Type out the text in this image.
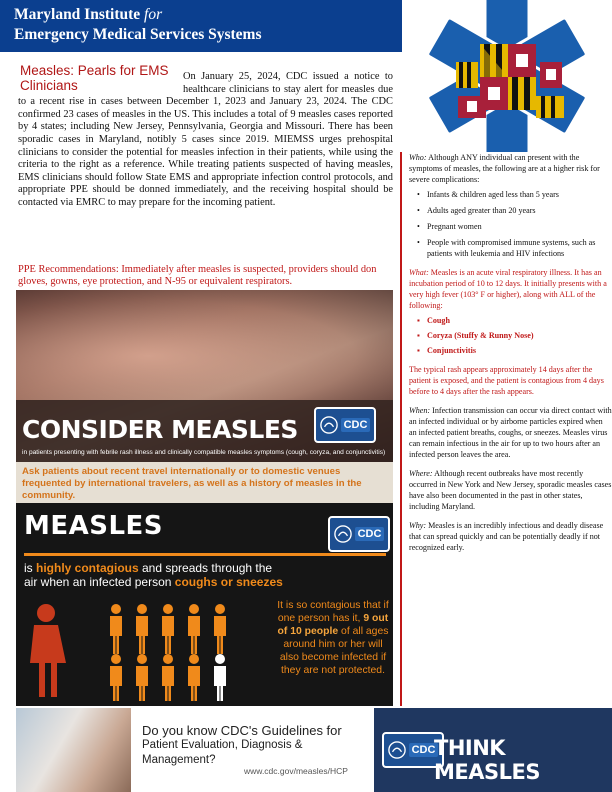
Maryland Institute for
Emergency Medical Services Systems
Measles: Pearls for EMS Clinicians
On January 25, 2024, CDC issued a notice to healthcare clinicians to stay alert for measles due to a recent rise in cases between December 1, 2023 and January 23, 2024. The CDC confirmed 23 cases of measles in the US. This includes a total of 9 measles cases reported by 4 states; including New Jersey, Pennsylvania, Georgia and Missouri. There has been sporadic cases in Maryland, notibly 5 cases since 2019. MIEMSS urges prehospital clinicians to consider the potential for measles infection in their patients, while using the criteria to the right as a reference. While treating patients suspected of having measles, EMS clinicians should follow State EMS and appropriate infection control protocols, and appropriate PPE should be donned immediately, and the receiving hospital should be contacted via EMRC to may prepare for the incoming patient.
PPE Recommendations: Immediately after measles is suspected, providers should don gloves, gowns, eye protection, and N-95 or equivalent respirators.
CDC
CONSIDER MEASLES
in patients presenting with febrile rash illness and clinically compatible measles symptoms (cough, coryza, and conjunctivitis)
Ask patients about recent travel internationally or to domestic venues frequented by international travelers, as well as a history of measles in the community.
MEASLES	CDC
is highly contagious and spreads through the air when an infected person coughs or sneezes
It is so contagious that if one person has it, 9 out of 10 people of all ages around him or her will also become infected if they are not protected.
Do you know CDC's Guidelines for
Patient Evaluation, Diagnosis & Management?
www.cdc.gov/measles/HCP
CDC
THINK MEASLES

Who: Although ANY individual can present with the symptoms of measles, the following are at a higher risk for severe complications:

• Infants & children aged less than 5 years
• Adults aged greater than 20 years
• Pregnant women
• People with compromised immune systems, such as patients with leukemia and HIV infections

What: Measles is an acute viral respiratory illness. It has an incubation period of 10 to 12 days. It initially presents with a very high fever (103° F or higher), along with ALL of the following:

▪ Cough
▪ Coryza (Stuffy & Runny Nose)
▪ Conjunctivitis

The typical rash appears approximately 14 days after the patient is exposed, and the patient is contagious from 4 days before to 4 days after the rash appears.

When: Infection transmission can occur via direct contact with an infected individual or by airborne particles expired when an infected patient breaths, coughs, or sneezes. Measles virus can remain infectious in the air for up to two hours after an infected person leaves the area.

Where: Although recent outbreaks have most recently occurred in New York and New Jersey, sporadic measles cases have also been documented in the past in other states, including Maryland.

Why: Measles is an incredibly infectious and deadly disease that can spread quickly and can be potentially deadly if not recognized early.
